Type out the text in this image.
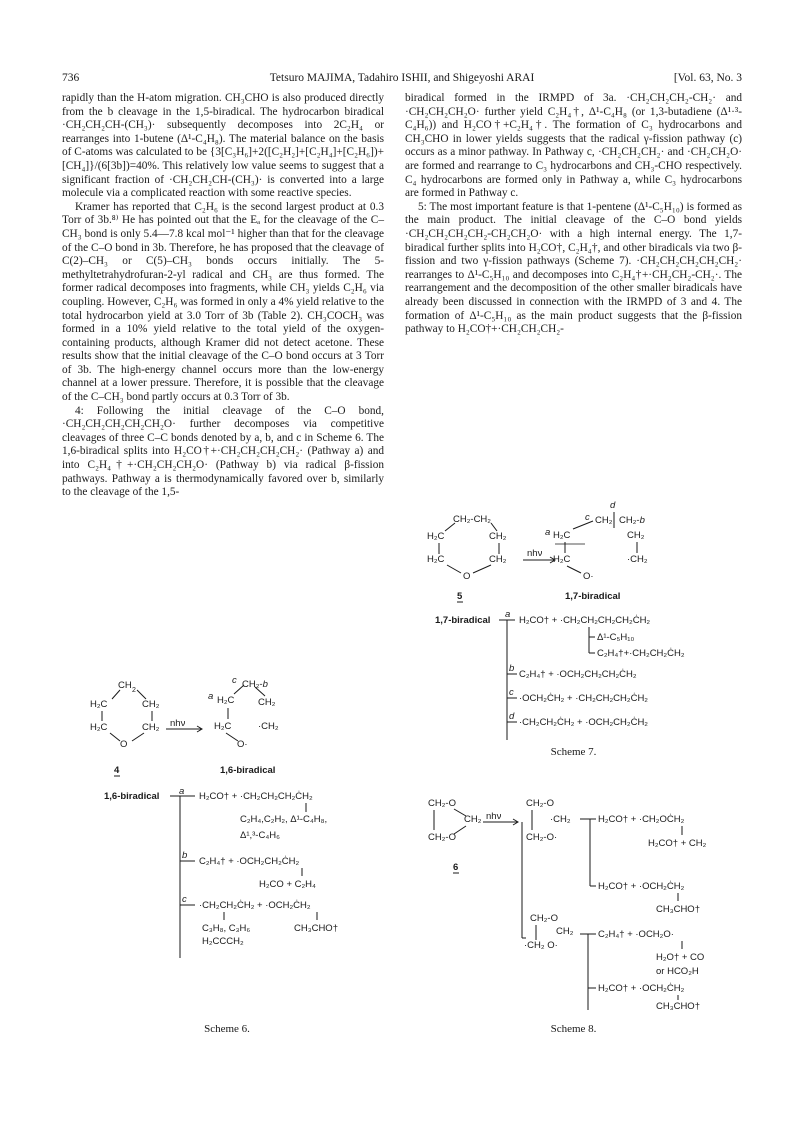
736	Tetsuro MAJIMA, Tadahiro ISHII, and Shigeyoshi ARAI	[Vol. 63, No. 3

rapidly than the H-atom migration. CH₃CHO is also produced directly from the b cleavage in the 1,5-biradical. The hydrocarbon biradical ·CH₂CH₂CH-(CH₃)· subsequently decomposes into 2C₂H₄ or rearranges into 1-butene (Δ¹-C₄H₈). The material balance on the basis of C-atoms was calculated to be {3[C₃H₆]+2([C₂H₂]+[C₂H₄]+[C₂H₆])+[CH₄]}/(6[3b])=40%. This relatively low value seems to suggest that a significant fraction of ·CH₂CH₂CH-(CH₃)· is converted into a large molecule via a complicated reaction with some reactive species.

Kramer has reported that C₂H₆ is the second largest product at 0.3 Torr of 3b.⁸⁾ He has pointed out that the Eₐ for the cleavage of the C–CH₃ bond is only 5.4—7.8 kcal mol⁻¹ higher than that for the cleavage of the C–O bond in 3b. Therefore, he has proposed that the cleavage of C(2)–CH₃ or C(5)–CH₃ bonds occurs initially. The 5-methyltetrahydrofuran-2-yl radical and CH₃ are thus formed. The former radical decomposes into fragments, while CH₃ yields C₂H₆ via coupling. However, C₂H₆ was formed in only a 4% yield relative to the total hydrocarbon yield at 3.0 Torr of 3b (Table 2). CH₃COCH₃ was formed in a 10% yield relative to the total yield of the oxygen-containing products, although Kramer did not detect acetone. These results show that the initial cleavage of the C–O bond occurs at 3 Torr of 3b. The high-energy channel occurs more than the low-energy channel at a lower pressure. Therefore, it is possible that the cleavage of the C–CH₃ bond partly occurs at 0.3 Torr of 3b.

4: Following the initial cleavage of the C–O bond, ·CH₂CH₂CH₂CH₂CH₂O· further decomposes via competitive cleavages of three C–C bonds denoted by a, b, and c in Scheme 6. The 1,6-biradical splits into H₂CO†+·CH₂CH₂CH₂CH₂· (Pathway a) and into C₂H₄†+·CH₂CH₂CH₂O· (Pathway b) via radical β-fission pathways. Pathway a is thermodynamically favored over b, similarly to the cleavage of the 1,5-

biradical formed in the IRMPD of 3a. ·CH₂CH₂CH₂-CH₂· and ·CH₂CH₂CH₂O· further yield C₂H₄†, Δ¹-C₄H₈ (or 1,3-butadiene (Δ¹·³-C₄H₆)) and H₂CO†+C₂H₄†. The formation of C₃ hydrocarbons and CH₃CHO in lower yields suggests that the radical γ-fission pathway (c) occurs as a minor pathway. In Pathway c, ·CH₂CH₂CH₂· and ·CH₂CH₂O· are formed and rearrange to C₃ hydrocarbons and CH₃-CHO respectively. C₄ hydrocarbons are formed only in Pathway a, while C₃ hydrocarbons are formed in Pathway c.

5: The most important feature is that 1-pentene (Δ¹-C₅H₁₀) is formed as the main product. The initial cleavage of the C–O bond yields ·CH₂CH₂CH₂CH₂-CH₂CH₂O· with a high internal energy. The 1,7-biradical further splits into H₂CO†, C₂H₄†, and other biradicals via two β-fission and two γ-fission pathways (Scheme 7). ·CH₂CH₂CH₂CH₂CH₂· rearranges to Δ¹-C₅H₁₀ and decomposes into C₂H₄†+·CH₂CH₂-CH₂·. The rearrangement and the decomposition of the other smaller biradicals have already been discussed in connection with the IRMPD of 3 and 4. The formation of Δ¹-C₅H₁₀ as the main product suggests that the β-fission pathway to H₂CO†+·CH₂CH₂CH₂-

CH 2
H₂C	CH₂
H₂C	CH₂
O
nhν
c CH₂-b
a H₂C CH₂
H₂C	·CH₂
O·
4	1,6-biradical
1,6-biradical a H₂CO† + ·CH₂CH₂CH₂ĊH₂
C₂H₄,C₂H₂, Δ¹-C₄H₈,
Δ¹,³-C₄H₆
b
C₂H₄† + ·OCH₂CH₂ĊH₂
H₂CO + C₂H₄
c
·CH₂CH₂ĊH₂ + ·OCH₂ĊH₂
C₃H₈, C₃H₆
H₂CCCH₂
CH₃CHO†
Scheme 6.
CH₂-CH₂
H₂C	CH₂
H₂C	CH₂
O
nhν
d
c CH₂ CH₂-b
a H₂C	CH₂
H₂C	·CH₂
O·
5	1,7-biradical
1,7-biradical
a
H₂CO† + ·CH₂CH₂CH₂CH₂ĊH₂
Δ¹-C₅H₁₀
C₂H₄†+·CH₂CH₂ĊH₂
b
C₂H₄† + ·OCH₂CH₂CH₂ĊH₂
c
·OCH₂ĊH₂ + ·CH₂CH₂CH₂ĊH₂
d
·CH₂CH₂ĊH₂ + ·OCH₂CH₂ĊH₂
Scheme 7.
CH₂-O
CH₂
CH₂-O
nhν
6
CH₂-O
·CH₂
CH₂-O·
H₂CO† + ·CH₂OĊH₂
H₂CO† + CH₂
H₂CO† + ·OCH₂ĊH₂
CH₃CHO†
CH₂-O
CH₂
·CH₂ O·
C₂H₄† + ·OCH₂O·
H₂O† + CO
or HCO₂H
H₂CO† + ·OCH₂ĊH₂
CH₃CHO†
Scheme 8.
